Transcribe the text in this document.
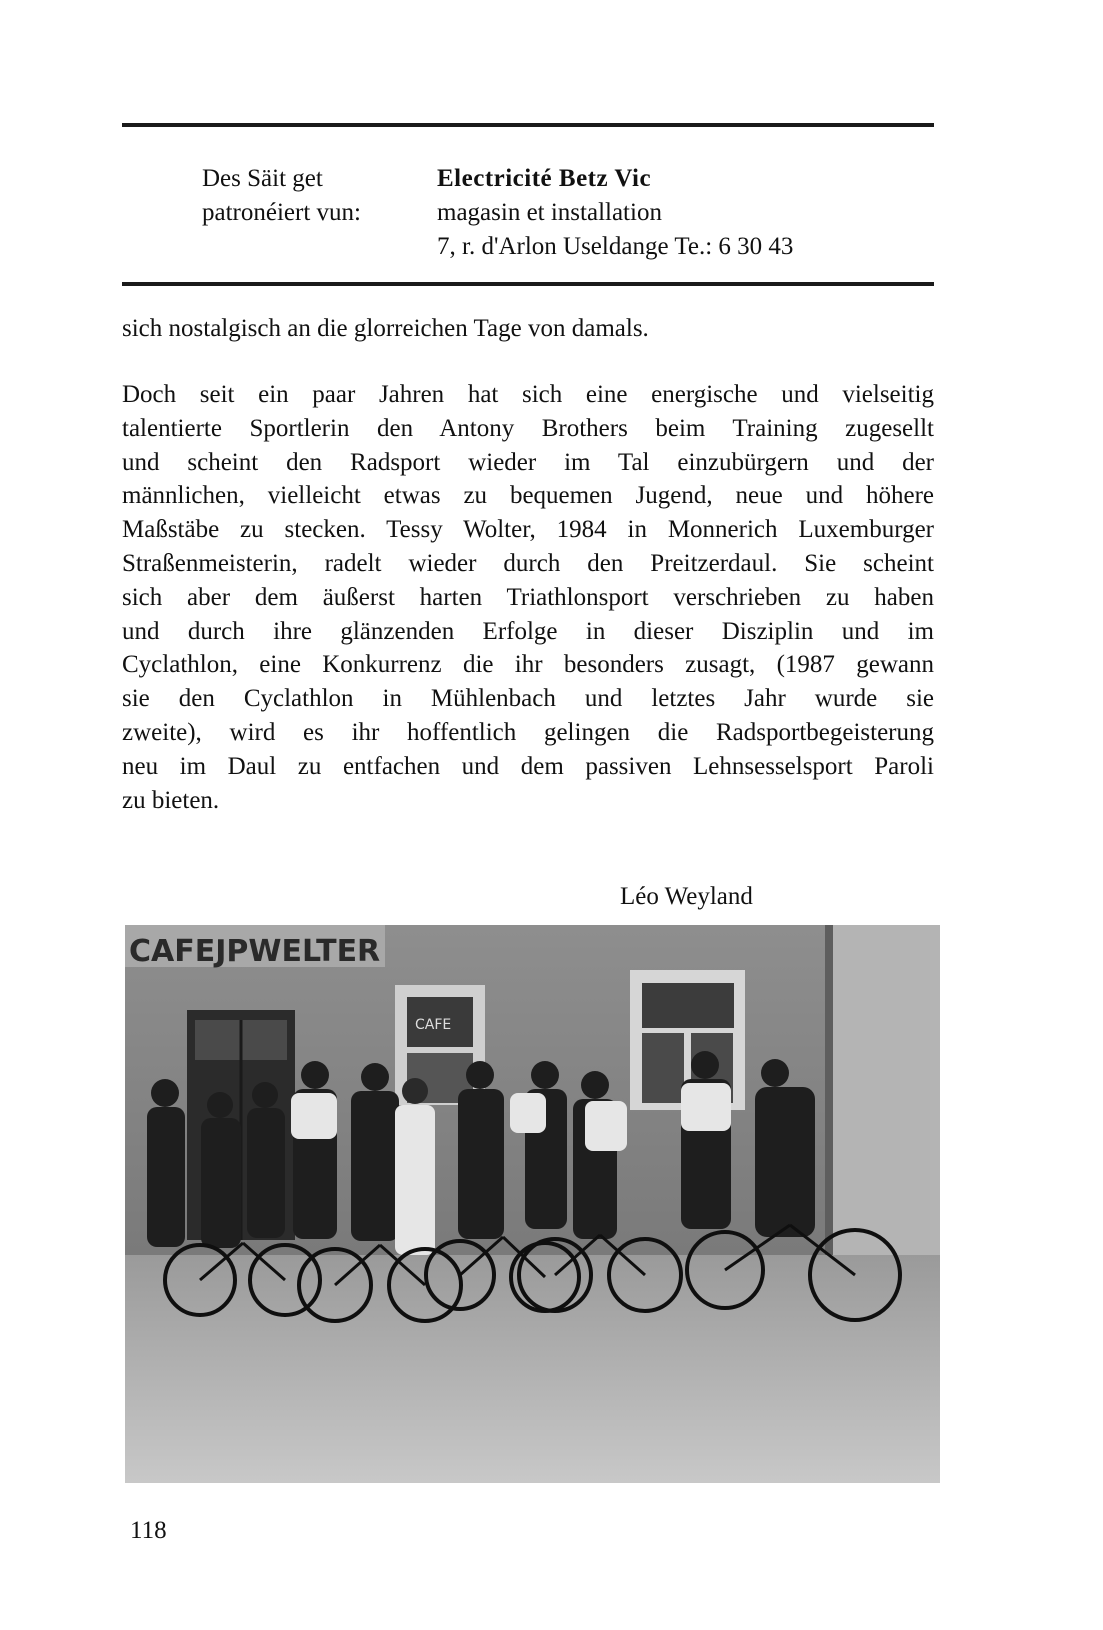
Des Säit get
patronéiert vun:
Electricité Betz Vic
magasin et installation
7, r. d'Arlon Useldange Te.: 6 30 43

sich nostalgisch an die glorreichen Tage von damals.

Doch seit ein paar Jahren hat sich eine energische und vielseitig
talentierte Sportlerin den Antony Brothers beim Training zugesellt
und scheint den Radsport wieder im Tal einzubürgern und der
männlichen, vielleicht etwas zu bequemen Jugend, neue und höhere
Maßstäbe zu stecken. Tessy Wolter, 1984 in Monnerich Luxemburger
Straßenmeisterin, radelt wieder durch den Preitzerdaul. Sie scheint
sich aber dem äußerst harten Triathlonsport verschrieben zu haben
und durch ihre glänzenden Erfolge in dieser Disziplin und im
Cyclathlon, eine Konkurrenz die ihr besonders zusagt, (1987 gewann
sie den Cyclathlon in Mühlenbach und letztes Jahr wurde sie
zweite), wird es ihr hoffentlich gelingen die Radsportbegeisterung
neu im Daul zu entfachen und dem passiven Lehnsesselsport Paroli
zu bieten.
Léo Weyland
CAFEJPWELTER
CAFE
118
